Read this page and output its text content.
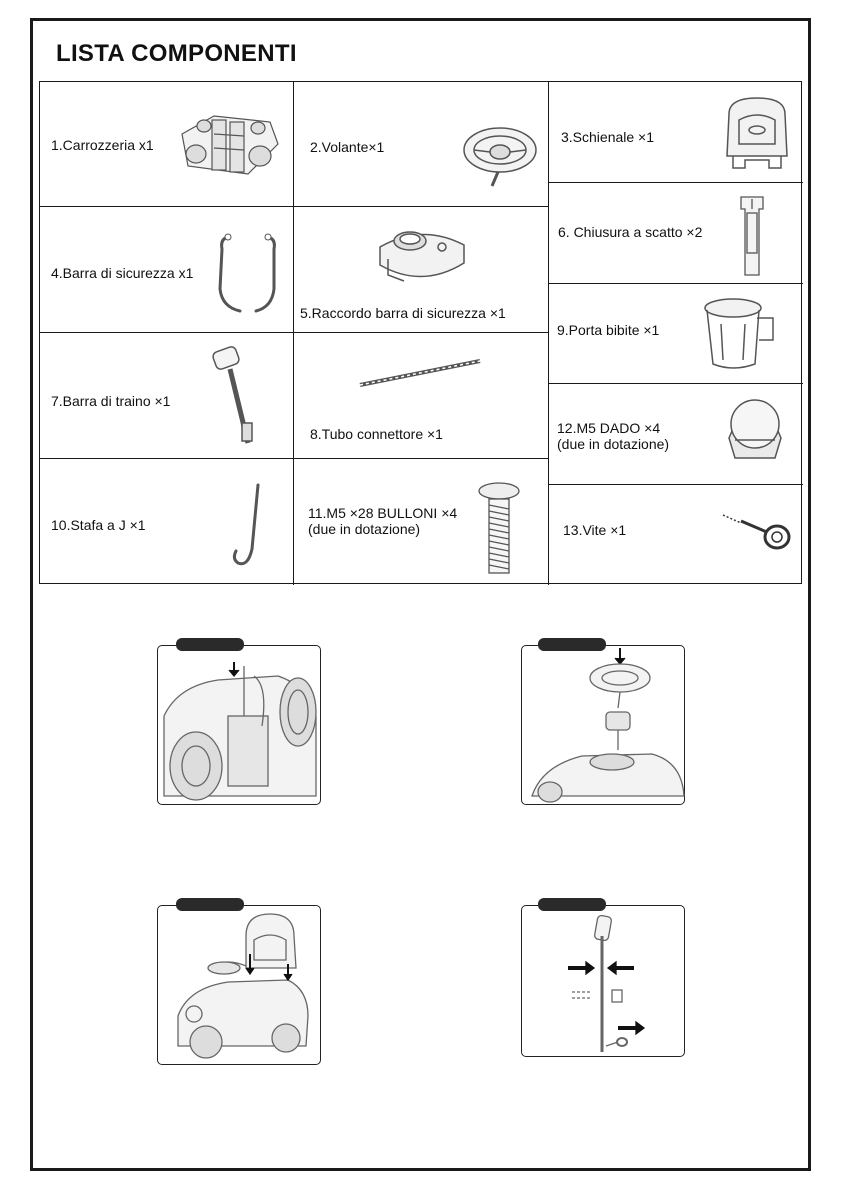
LISTA COMPONENTI
1.Carrozzeria x1
4.Barra di sicurezza x1
7.Barra di traino ×1
10.Stafa a J ×1
2.Volante×1
5.Raccordo barra di sicurezza ×1
8.Tubo connettore ×1
11.M5 ×28 BULLONI ×4
(due in dotazione)
3.Schienale ×1
6. Chiusura a scatto ×2
9.Porta bibite ×1
12.M5 DADO ×4
(due in dotazione)
13.Vite ×1
